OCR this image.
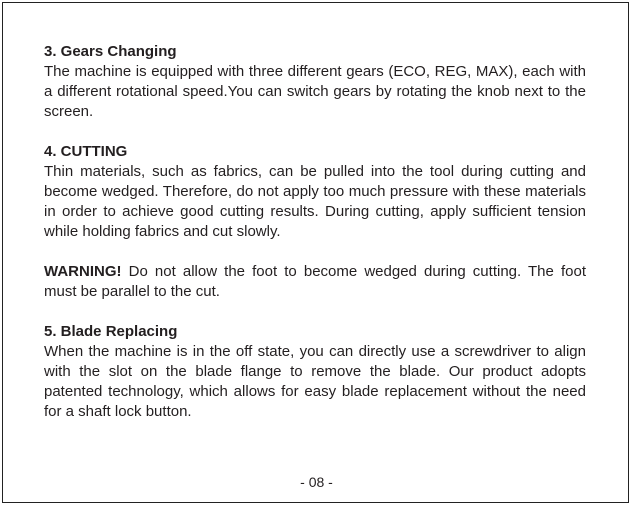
3. Gears Changing

The machine is equipped with three different gears (ECO, REG, MAX), each with a different rotational speed.You can switch gears by rotating the knob next to the screen.

4. CUTTING

Thin materials, such as fabrics, can be pulled into the tool during cutting and become wedged. Therefore, do not apply too much pressure with these materials in order to achieve good cutting results. During cutting, apply sufficient tension while holding fabrics and cut slowly.

WARNING! Do not allow the foot to become wedged during cutting. The foot must be parallel to the cut.

5. Blade Replacing

When the machine is in the off state, you can directly use a screwdriver to align with the slot on the blade flange to remove the blade. Our product adopts patented technology, which allows for easy blade replacement without the need for a shaft lock button.

- 08 -
